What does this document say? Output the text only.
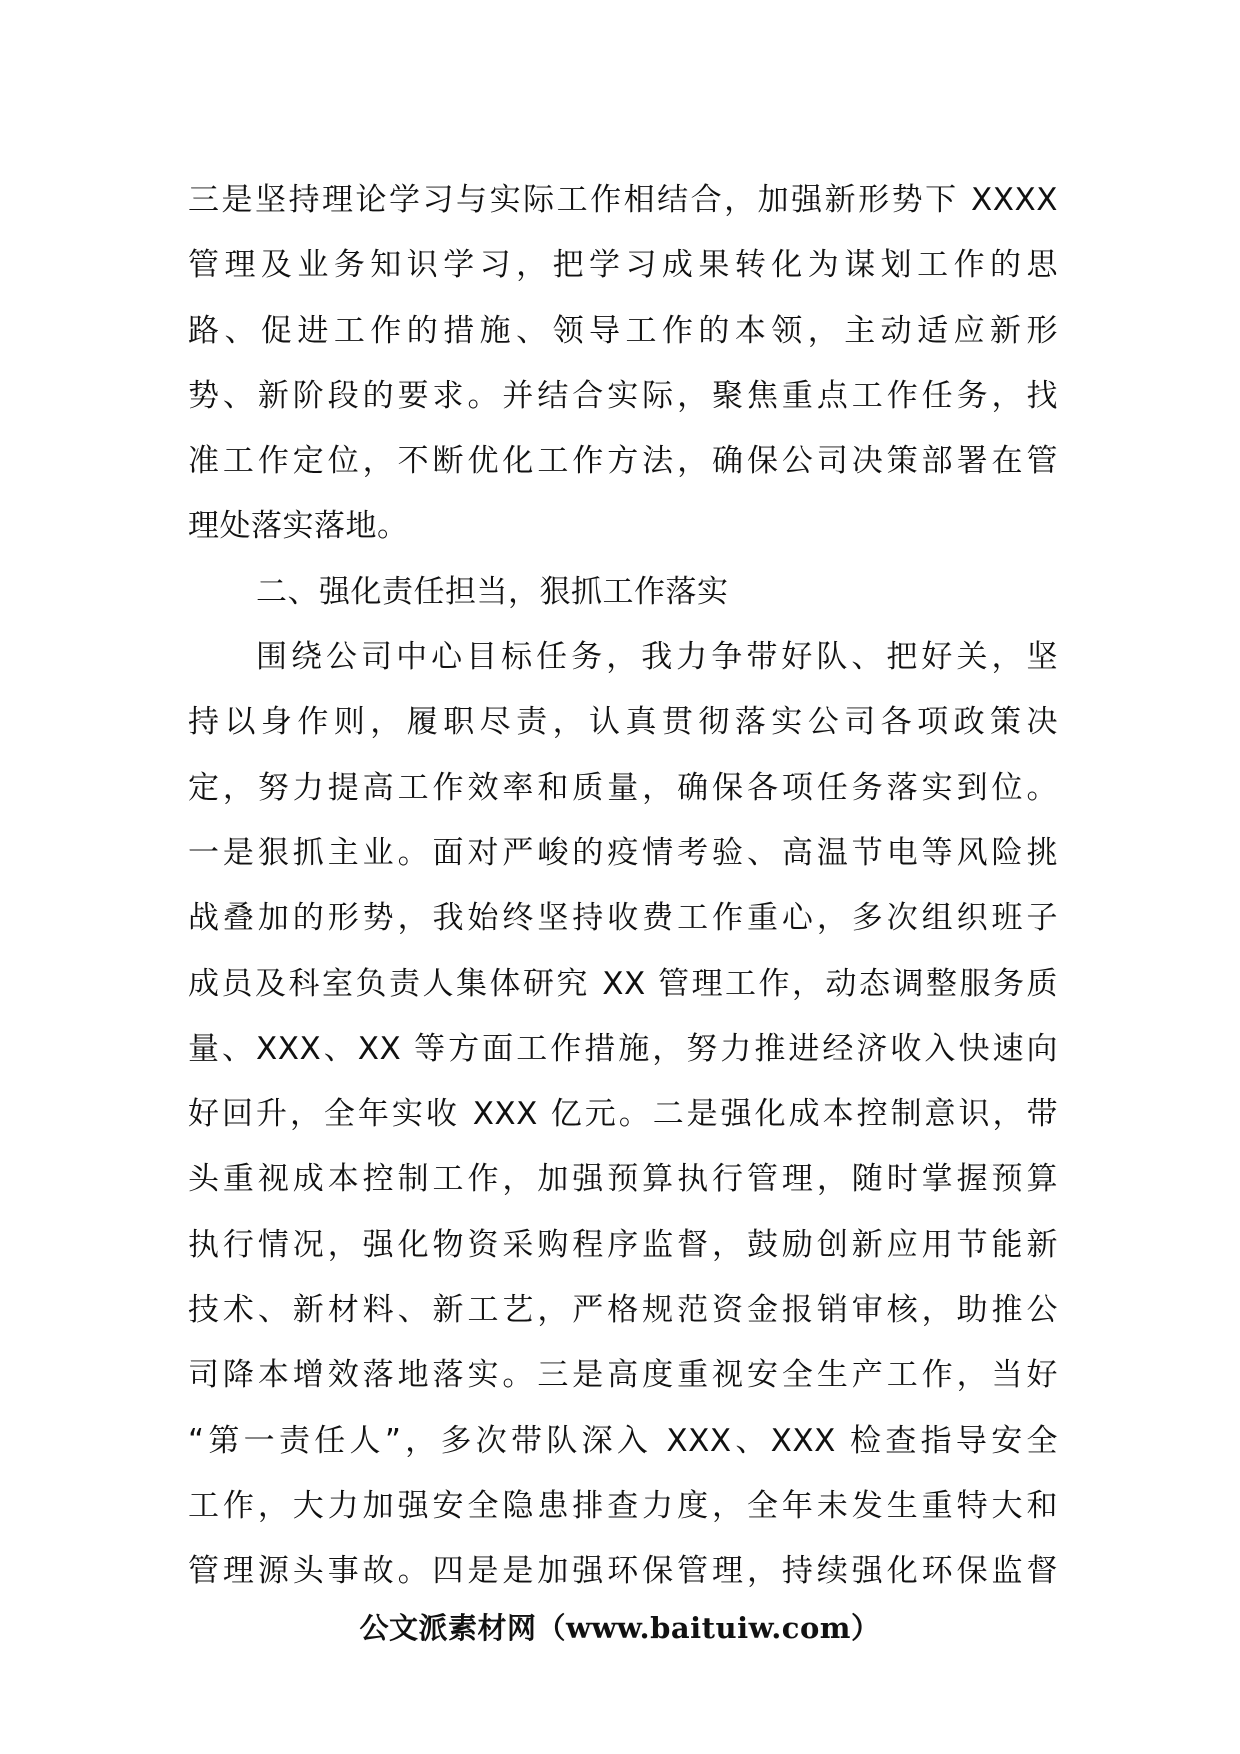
三是坚持理论学习与实际工作相结合，加强新形势下 XXXX
管理及业务知识学习，把学习成果转化为谋划工作的思
路、促进工作的措施、领导工作的本领，主动适应新形
势、新阶段的要求。并结合实际，聚焦重点工作任务，找
准工作定位，不断优化工作方法，确保公司决策部署在管
理处落实落地。
二、强化责任担当，狠抓工作落实
围绕公司中心目标任务，我力争带好队、把好关，坚
持以身作则，履职尽责，认真贯彻落实公司各项政策决
定，努力提高工作效率和质量，确保各项任务落实到位。
一是狠抓主业。面对严峻的疫情考验、高温节电等风险挑
战叠加的形势，我始终坚持收费工作重心，多次组织班子
成员及科室负责人集体研究 XX 管理工作，动态调整服务质
量、XXX、XX 等方面工作措施，努力推进经济收入快速向
好回升，全年实收 XXX 亿元。二是强化成本控制意识，带
头重视成本控制工作，加强预算执行管理，随时掌握预算
执行情况，强化物资采购程序监督，鼓励创新应用节能新
技术、新材料、新工艺，严格规范资金报销审核，助推公
司降本增效落地落实。三是高度重视安全生产工作，当好
“第一责任人”，多次带队深入 XXX、XXX 检查指导安全
工作，大力加强安全隐患排查力度，全年未发生重特大和
管理源头事故。四是是加强环保管理，持续强化环保监督
公文派素材网（www.baituiw.com）
